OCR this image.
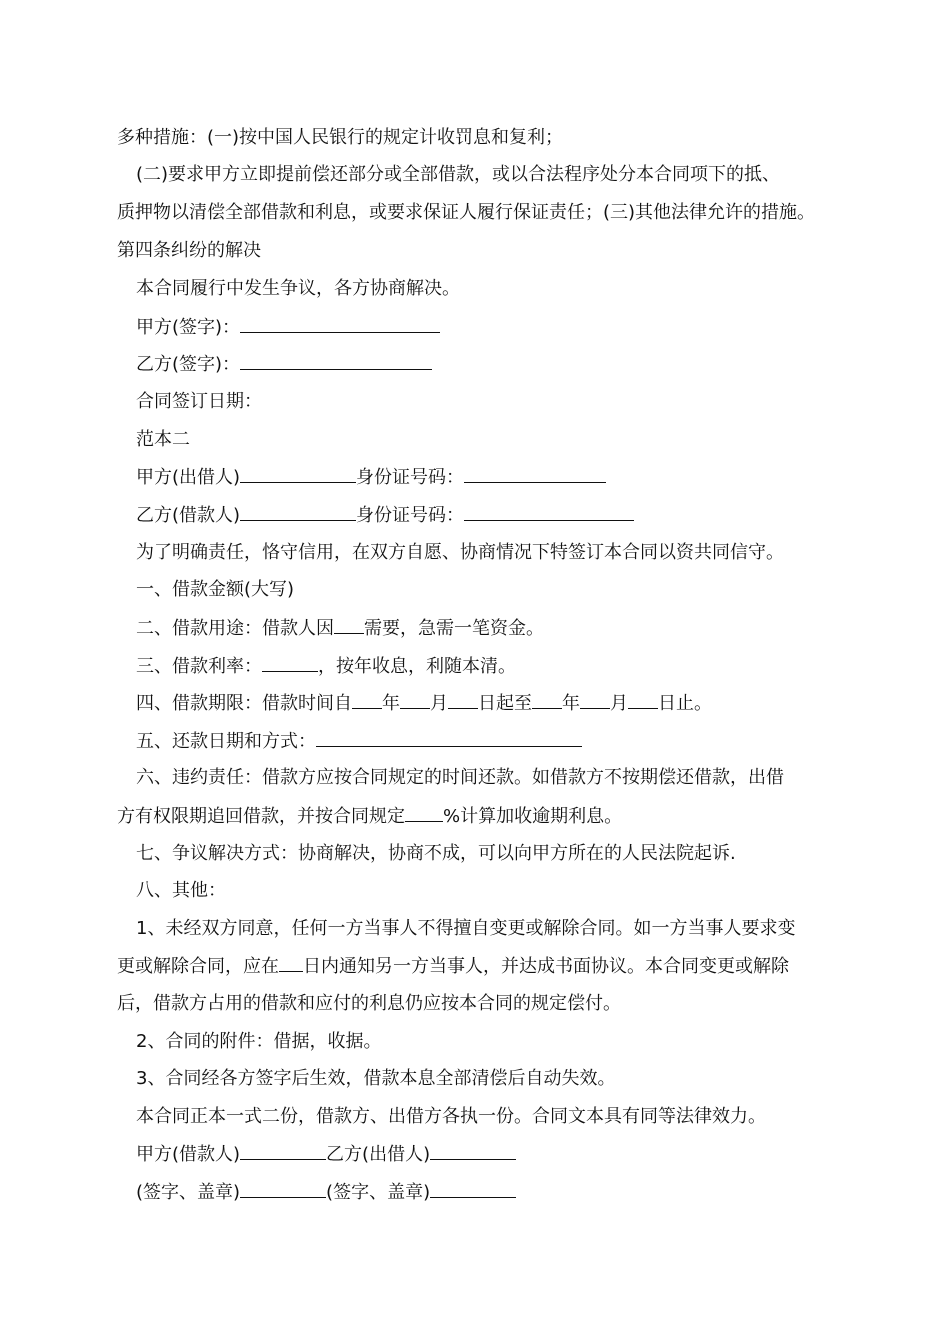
多种措施：(一)按中国人民银行的规定计收罚息和复利；
(二)要求甲方立即提前偿还部分或全部借款，或以合法程序处分本合同项下的抵、
质押物以清偿全部借款和利息，或要求保证人履行保证责任；(三)其他法律允许的措施。
第四条纠纷的解决
本合同履行中发生争议，各方协商解决。
甲方(签字)：
乙方(签字)：
合同签订日期：
范本二
甲方(出借人)	身份证号码：
乙方(借款人)	身份证号码：
为了明确责任，恪守信用，在双方自愿、协商情况下特签订本合同以资共同信守。
一、借款金额(大写)
二、借款用途：借款人因 需要，急需一笔资金。
三、借款利率：	，按年收息，利随本清。
四、借款期限：借款时间自 年 月 日起至 年 月 日止。
五、还款日期和方式：
六、违约责任：借款方应按合同规定的时间还款。如借款方不按期偿还借款，出借
方有权限期追回借款，并按合同规定 %计算加收逾期利息。
七、争议解决方式：协商解决，协商不成，可以向甲方所在的人民法院起诉.
八、其他：
1、未经双方同意，任何一方当事人不得擅自变更或解除合同。如一方当事人要求变
更或解除合同，应在 日内通知另一方当事人，并达成书面协议。本合同变更或解除
后，借款方占用的借款和应付的利息仍应按本合同的规定偿付。
2、合同的附件：借据，收据。
3、合同经各方签字后生效，借款本息全部清偿后自动失效。
本合同正本一式二份，借款方、出借方各执一份。合同文本具有同等法律效力。
甲方(借款人)	乙方(出借人)
(签字、盖章)	(签字、盖章)
